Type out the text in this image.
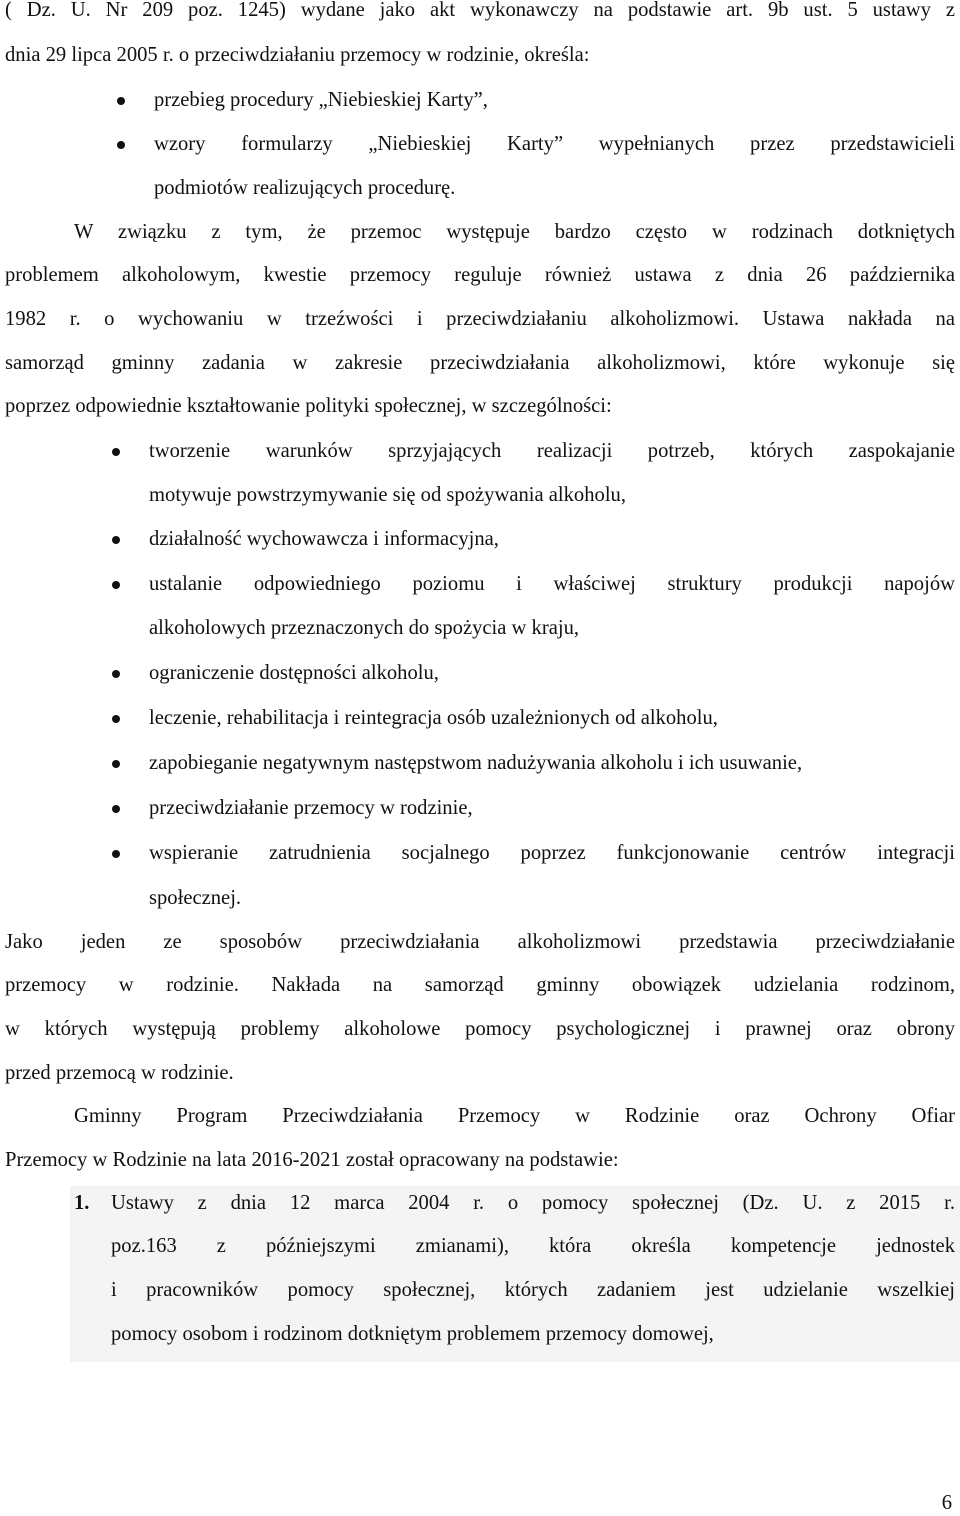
( Dz. U. Nr 209 poz. 1245) wydane jako akt wykonawczy na podstawie art. 9b ust. 5 ustawy z
dnia 29 lipca 2005 r. o przeciwdziałaniu przemocy w rodzinie, określa:
przebieg procedury „Niebieskiej Karty”,
wzory formularzy „Niebieskiej Karty” wypełnianych przez przedstawicieli
podmiotów realizujących procedurę.
W związku z tym, że przemoc występuje bardzo często w rodzinach dotkniętych
problemem alkoholowym, kwestie przemocy reguluje również ustawa z dnia 26 października
1982 r. o wychowaniu w trzeźwości i przeciwdziałaniu alkoholizmowi. Ustawa nakłada na
samorząd gminny zadania w zakresie przeciwdziałania alkoholizmowi, które wykonuje się
poprzez odpowiednie kształtowanie polityki społecznej, w szczególności:
tworzenie warunków sprzyjających realizacji potrzeb, których zaspokajanie
motywuje powstrzymywanie się od spożywania alkoholu,
działalność wychowawcza i informacyjna,
ustalanie odpowiedniego poziomu i właściwej struktury produkcji napojów
alkoholowych przeznaczonych do spożycia w kraju,
ograniczenie dostępności alkoholu,
leczenie, rehabilitacja i reintegracja osób uzależnionych od alkoholu,
zapobieganie negatywnym następstwom nadużywania alkoholu i ich usuwanie,
przeciwdziałanie przemocy w rodzinie,
wspieranie zatrudnienia socjalnego poprzez funkcjonowanie centrów integracji
społecznej.
Jako jeden ze sposobów przeciwdziałania alkoholizmowi przedstawia przeciwdziałanie
przemocy w rodzinie. Nakłada na samorząd gminny obowiązek udzielania rodzinom,
w których występują problemy alkoholowe pomocy psychologicznej i prawnej oraz obrony
przed przemocą w rodzinie.
Gminny Program Przeciwdziałania Przemocy w Rodzinie oraz Ochrony Ofiar
Przemocy w Rodzinie na lata 2016-2021 został opracowany na podstawie:
1. Ustawy z dnia 12 marca 2004 r. o pomocy społecznej (Dz. U. z 2015 r.
poz.163 z późniejszymi zmianami), która określa kompetencje jednostek
i pracowników pomocy społecznej, których zadaniem jest udzielanie wszelkiej
pomocy osobom i rodzinom dotkniętym problemem przemocy domowej,
6
